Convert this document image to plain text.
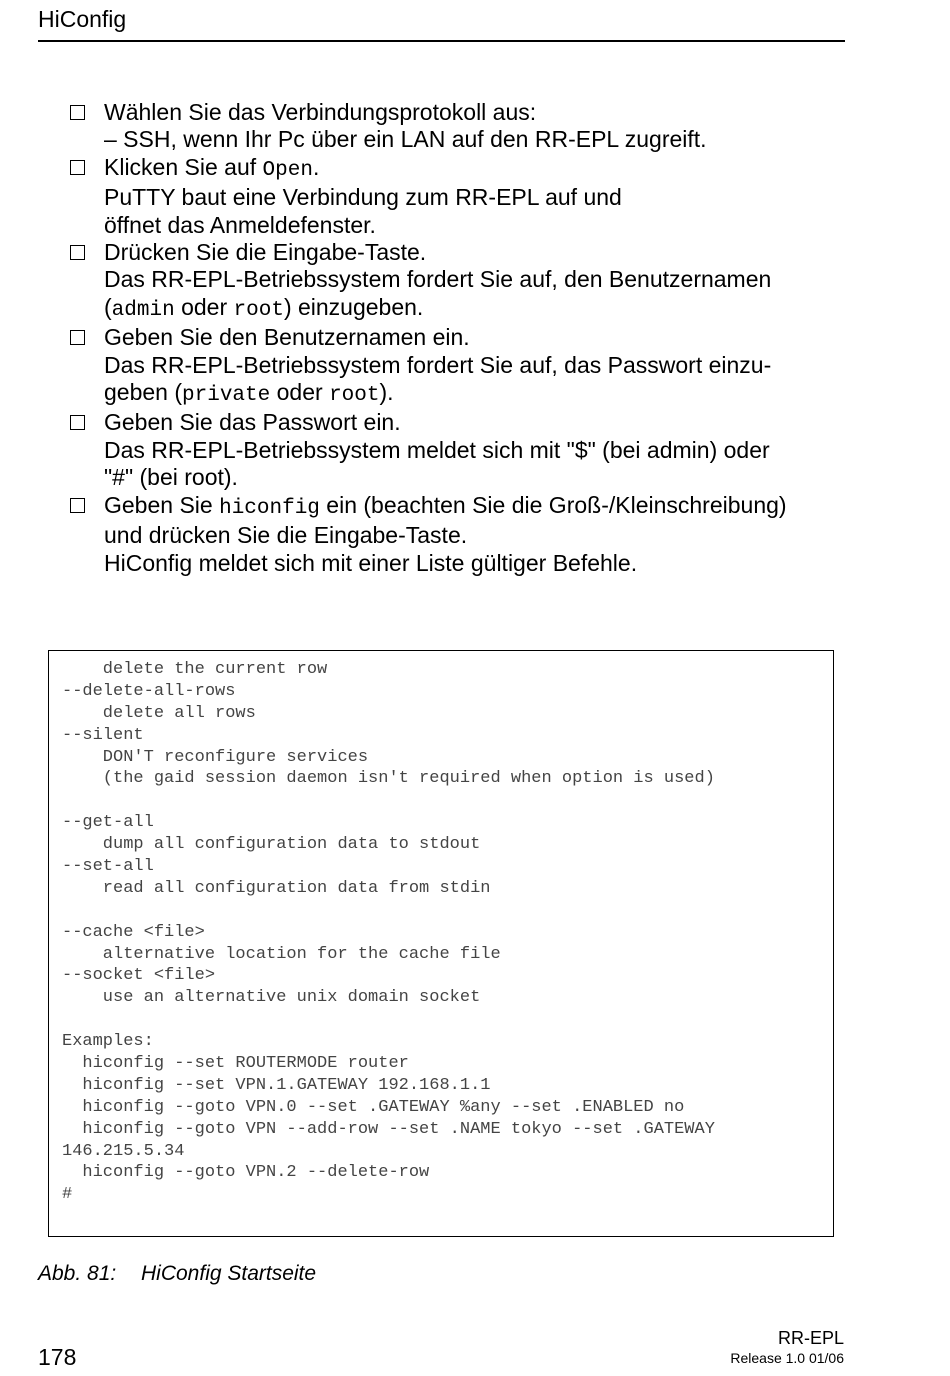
HiConfig
Wählen Sie das Verbindungsprotokoll aus:
– SSH, wenn Ihr Pc über ein LAN auf den RR-EPL zugreift.
Klicken Sie auf Open.
PuTTY baut eine Verbindung zum RR-EPL auf und
öffnet das Anmeldefenster.
Drücken Sie die Eingabe-Taste.
Das RR-EPL-Betriebssystem fordert Sie auf, den Benutzernamen
(admin oder root) einzugeben.
Geben Sie den Benutzernamen ein.
Das RR-EPL-Betriebssystem fordert Sie auf, das Passwort einzu-
geben (private oder root).
Geben Sie das Passwort ein.
Das RR-EPL-Betriebssystem meldet sich mit "$" (bei admin) oder
"#" (bei root).
Geben Sie hiconfig ein (beachten Sie die Groß-/Kleinschreibung)
und drücken Sie die Eingabe-Taste.
HiConfig meldet sich mit einer Liste gültiger Befehle.
delete the current row
--delete-all-rows
delete all rows
--silent
DON'T reconfigure services
(the gaid session daemon isn't required when option is used)
--get-all
dump all configuration data to stdout
--set-all
read all configuration data from stdin
--cache <file>
alternative location for the cache file
--socket <file>
use an alternative unix domain socket
Examples:
hiconfig --set ROUTERMODE router
hiconfig --set VPN.1.GATEWAY 192.168.1.1
hiconfig --goto VPN.0 --set .GATEWAY %any --set .ENABLED no
hiconfig --goto VPN --add-row --set .NAME tokyo --set .GATEWAY
146.215.5.34
hiconfig --goto VPN.2 --delete-row
#
Abb. 81: HiConfig Startseite
178
RR-EPL
Release 1.0 01/06
